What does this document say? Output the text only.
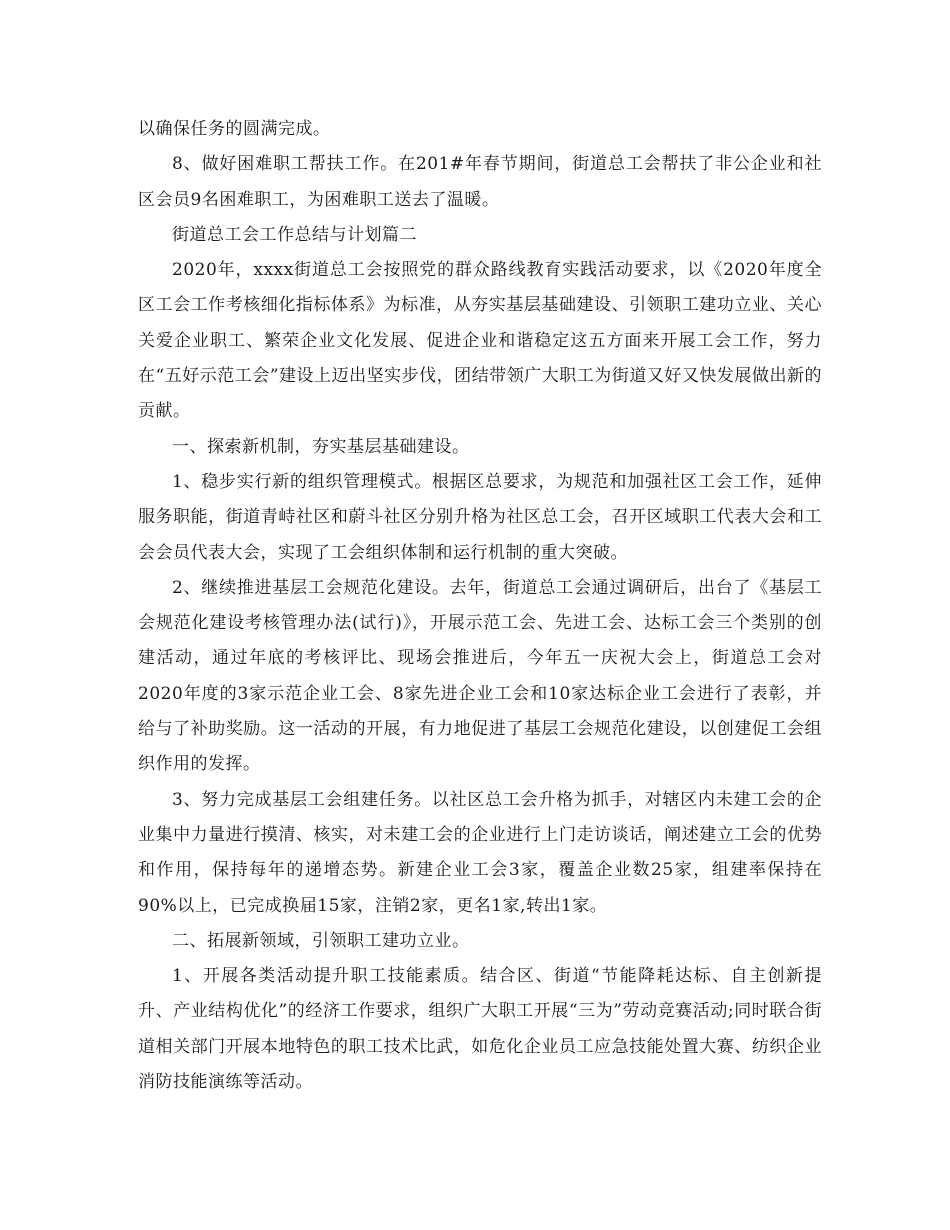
以确保任务的圆满完成。

8、做好困难职工帮扶工作。在201#年春节期间，街道总工会帮扶了非公企业和社区会员9名困难职工，为困难职工送去了温暖。

街道总工会工作总结与计划篇二

2020年，xxxx街道总工会按照党的群众路线教育实践活动要求，以《2020年度全区工会工作考核细化指标体系》为标准，从夯实基层基础建设、引领职工建功立业、关心关爱企业职工、繁荣企业文化发展、促进企业和谐稳定这五方面来开展工会工作，努力在“五好示范工会”建设上迈出坚实步伐，团结带领广大职工为街道又好又快发展做出新的贡献。

一、探索新机制，夯实基层基础建设。

1、稳步实行新的组织管理模式。根据区总要求，为规范和加强社区工会工作，延伸服务职能，街道青峙社区和蔚斗社区分别升格为社区总工会，召开区域职工代表大会和工会会员代表大会，实现了工会组织体制和运行机制的重大突破。

2、继续推进基层工会规范化建设。去年，街道总工会通过调研后，出台了《基层工会规范化建设考核管理办法(试行)》，开展示范工会、先进工会、达标工会三个类别的创建活动，通过年底的考核评比、现场会推进后，今年五一庆祝大会上，街道总工会对2020年度的3家示范企业工会、8家先进企业工会和10家达标企业工会进行了表彰，并给与了补助奖励。这一活动的开展，有力地促进了基层工会规范化建设，以创建促工会组织作用的发挥。

3、努力完成基层工会组建任务。以社区总工会升格为抓手，对辖区内未建工会的企业集中力量进行摸清、核实，对未建工会的企业进行上门走访谈话，阐述建立工会的优势和作用，保持每年的递增态势。新建企业工会3家，覆盖企业数25家，组建率保持在90%以上，已完成换届15家，注销2家，更名1家,转出1家。

二、拓展新领域，引领职工建功立业。

1、开展各类活动提升职工技能素质。结合区、街道“节能降耗达标、自主创新提升、产业结构优化”的经济工作要求，组织广大职工开展“三为”劳动竞赛活动;同时联合街道相关部门开展本地特色的职工技术比武，如危化企业员工应急技能处置大赛、纺织企业消防技能演练等活动。
